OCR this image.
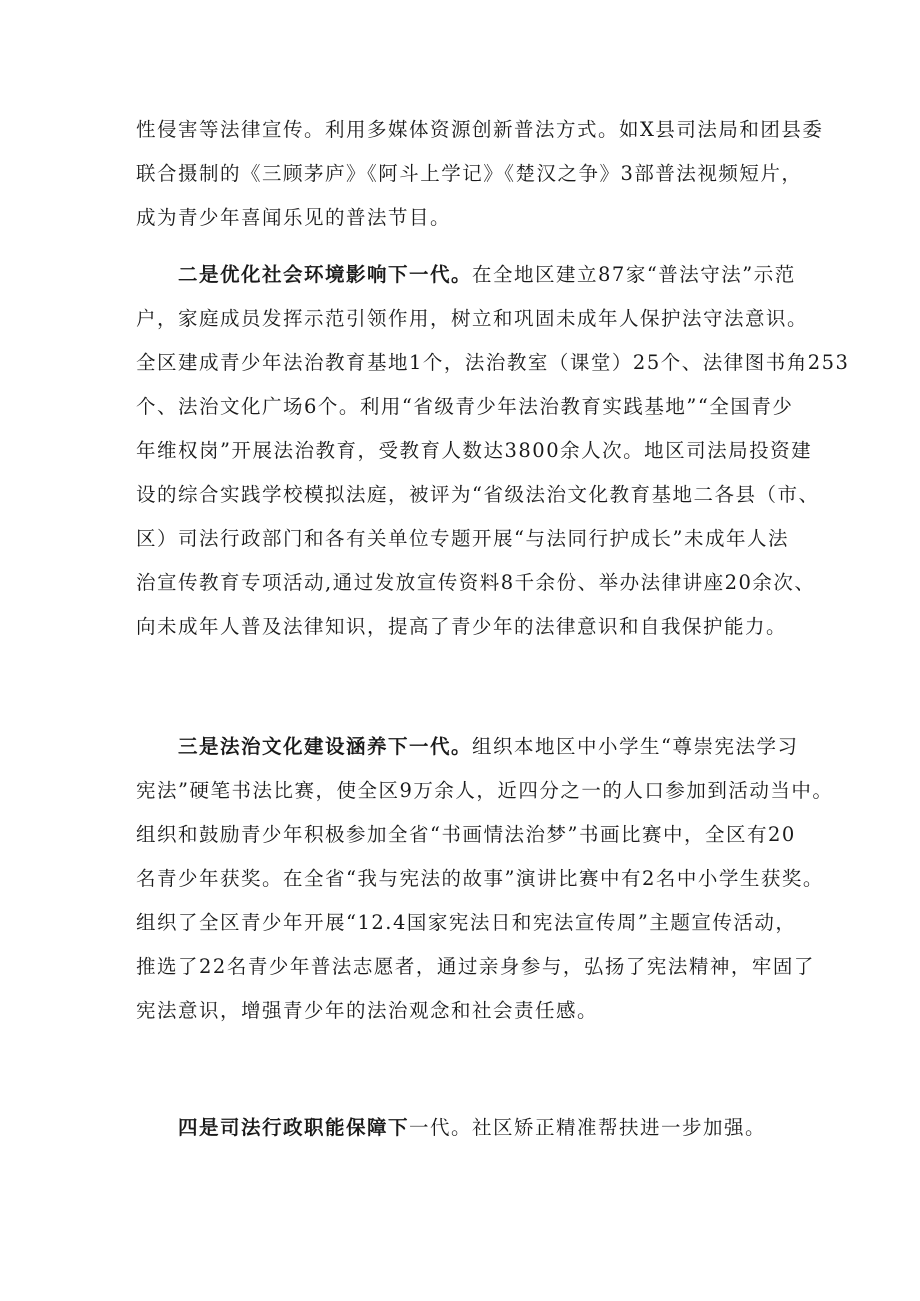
性侵害等法律宣传。利用多媒体资源创新普法方式。如X县司法局和团县委
联合摄制的《三顾茅庐》《阿斗上学记》《楚汉之争》3部普法视频短片，
成为青少年喜闻乐见的普法节目。
二是优化社会环境影响下一代。在全地区建立87家“普法守法”示范
户，家庭成员发挥示范引领作用，树立和巩固未成年人保护法守法意识。
全区建成青少年法治教育基地1个，法治教室（课堂）25个、法律图书角253
个、法治文化广场6个。利用“省级青少年法治教育实践基地”“全国青少
年维权岗”开展法治教育，受教育人数达3800余人次。地区司法局投资建
设的综合实践学校模拟法庭，被评为“省级法治文化教育基地二各县（市、
区）司法行政部门和各有关单位专题开展“与法同行护成长”未成年人法
治宣传教育专项活动,通过发放宣传资料8千余份、举办法律讲座20余次、
向未成年人普及法律知识，提高了青少年的法律意识和自我保护能力。
三是法治文化建设涵养下一代。组织本地区中小学生“尊崇宪法学习
宪法”硬笔书法比赛，使全区9万余人，近四分之一的人口参加到活动当中。
组织和鼓励青少年积极参加全省“书画情法治梦”书画比赛中，全区有20
名青少年获奖。在全省“我与宪法的故事”演讲比赛中有2名中小学生获奖。
组织了全区青少年开展“12.4国家宪法日和宪法宣传周”主题宣传活动，
推选了22名青少年普法志愿者，通过亲身参与，弘扬了宪法精神，牢固了
宪法意识，增强青少年的法治观念和社会责任感。
四是司法行政职能保障下一代。社区矫正精准帮扶进一步加强。
